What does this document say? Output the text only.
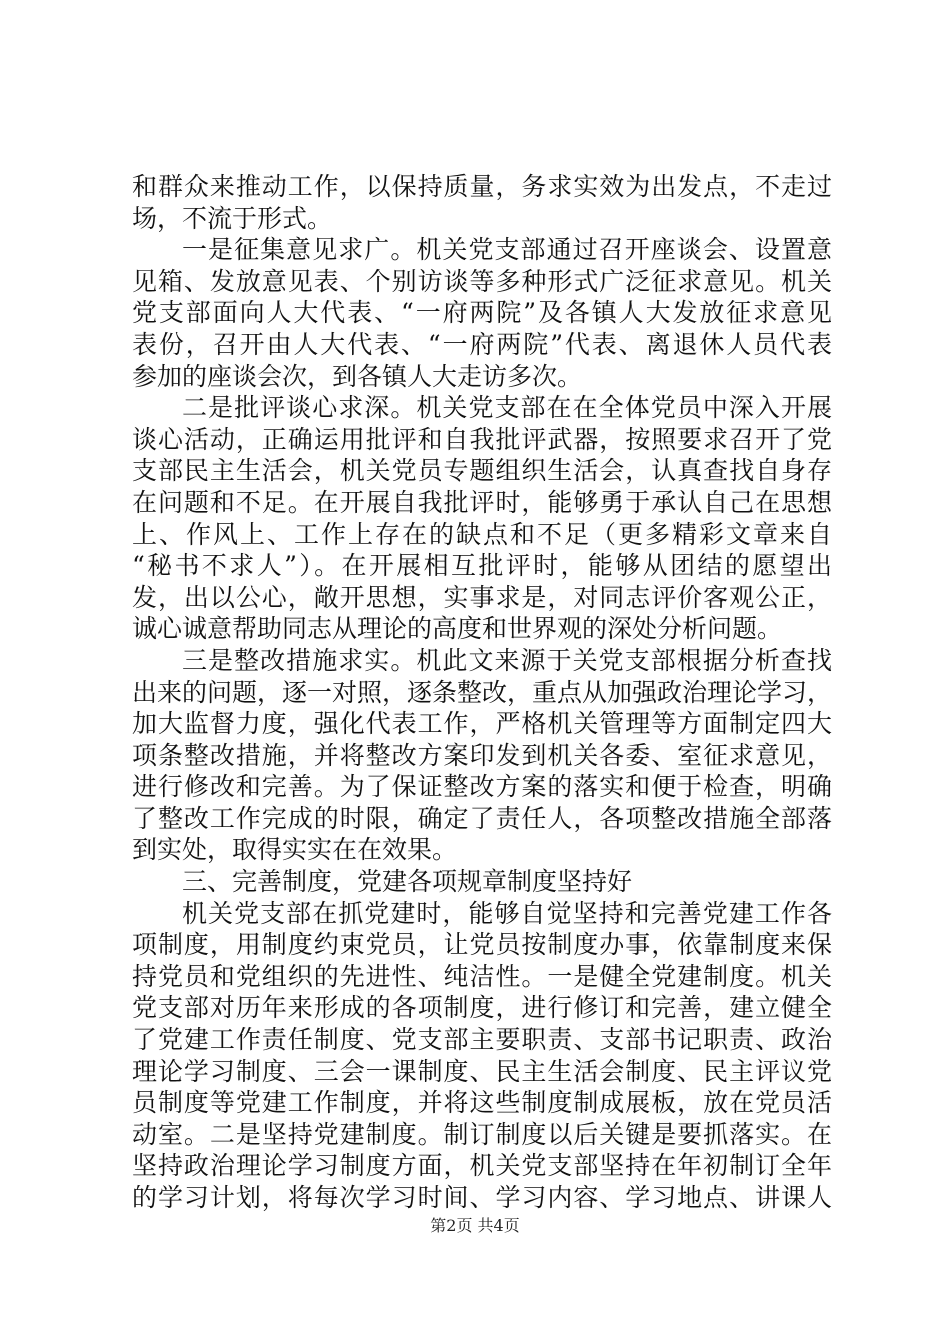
和群众来推动工作，以保持质量，务求实效为出发点，不走过
场，不流于形式。
一是征集意见求广。机关党支部通过召开座谈会、设置意
见箱、发放意见表、个别访谈等多种形式广泛征求意见。机关
党支部面向人大代表、“一府两院”及各镇人大发放征求意见
表份，召开由人大代表、“一府两院”代表、离退休人员代表
参加的座谈会次，到各镇人大走访多次。
二是批评谈心求深。机关党支部在在全体党员中深入开展
谈心活动，正确运用批评和自我批评武器，按照要求召开了党
支部民主生活会，机关党员专题组织生活会，认真查找自身存
在问题和不足。在开展自我批评时，能够勇于承认自己在思想
上、作风上、工作上存在的缺点和不足（更多精彩文章来自
“秘书不求人”）。在开展相互批评时，能够从团结的愿望出
发，出以公心，敞开思想，实事求是，对同志评价客观公正，
诚心诚意帮助同志从理论的高度和世界观的深处分析问题。
三是整改措施求实。机此文来源于关党支部根据分析查找
出来的问题，逐一对照，逐条整改，重点从加强政治理论学习，
加大监督力度，强化代表工作，严格机关管理等方面制定四大
项条整改措施，并将整改方案印发到机关各委、室征求意见，
进行修改和完善。为了保证整改方案的落实和便于检查，明确
了整改工作完成的时限，确定了责任人，各项整改措施全部落
到实处，取得实实在在效果。
三、完善制度，党建各项规章制度坚持好
机关党支部在抓党建时，能够自觉坚持和完善党建工作各
项制度，用制度约束党员，让党员按制度办事，依靠制度来保
持党员和党组织的先进性、纯洁性。一是健全党建制度。机关
党支部对历年来形成的各项制度，进行修订和完善，建立健全
了党建工作责任制度、党支部主要职责、支部书记职责、政治
理论学习制度、三会一课制度、民主生活会制度、民主评议党
员制度等党建工作制度，并将这些制度制成展板，放在党员活
动室。二是坚持党建制度。制订制度以后关键是要抓落实。在
坚持政治理论学习制度方面，机关党支部坚持在年初制订全年
的学习计划，将每次学习时间、学习内容、学习地点、讲课人
第2页 共4页
